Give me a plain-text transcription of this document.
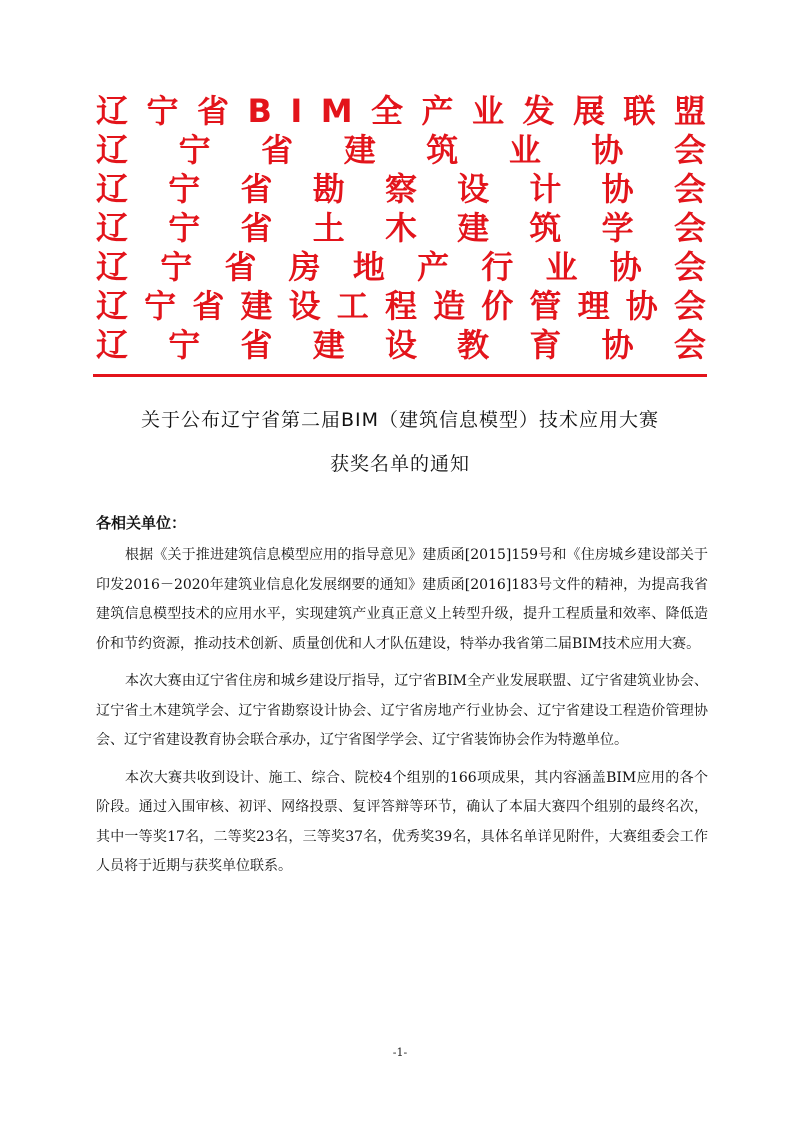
辽 宁 省 B I M 全 产 业 发 展 联 盟
辽 宁 省 建 筑 业 协 会
辽 宁 省 勘 察 设 计 协 会
辽 宁 省 土 木 建 筑 学 会
辽 宁 省 房 地 产 行 业 协 会
辽 宁 省 建 设 工 程 造 价 管 理 协 会
辽 宁 省 建 设 教 育 协 会
关于公布辽宁省第二届BIM（建筑信息模型）技术应用大赛
获奖名单的通知
各相关单位：

根据《关于推进建筑信息模型应用的指导意见》建质函[2015]159号和《住房城乡建设部关于印发2016－2020年建筑业信息化发展纲要的通知》建质函[2016]183号文件的精神，为提高我省建筑信息模型技术的应用水平，实现建筑产业真正意义上转型升级，提升工程质量和效率、降低造价和节约资源，推动技术创新、质量创优和人才队伍建设，特举办我省第二届BIM技术应用大赛。

本次大赛由辽宁省住房和城乡建设厅指导，辽宁省BIM全产业发展联盟、辽宁省建筑业协会、辽宁省土木建筑学会、辽宁省勘察设计协会、辽宁省房地产行业协会、辽宁省建设工程造价管理协会、辽宁省建设教育协会联合承办，辽宁省图学学会、辽宁省装饰协会作为特邀单位。

本次大赛共收到设计、施工、综合、院校4个组别的166项成果，其内容涵盖BIM应用的各个阶段。通过入围审核、初评、网络投票、复评答辩等环节，确认了本届大赛四个组别的最终名次，其中一等奖17名，二等奖23名，三等奖37名，优秀奖39名，具体名单详见附件，大赛组委会工作人员将于近期与获奖单位联系。

-1-
